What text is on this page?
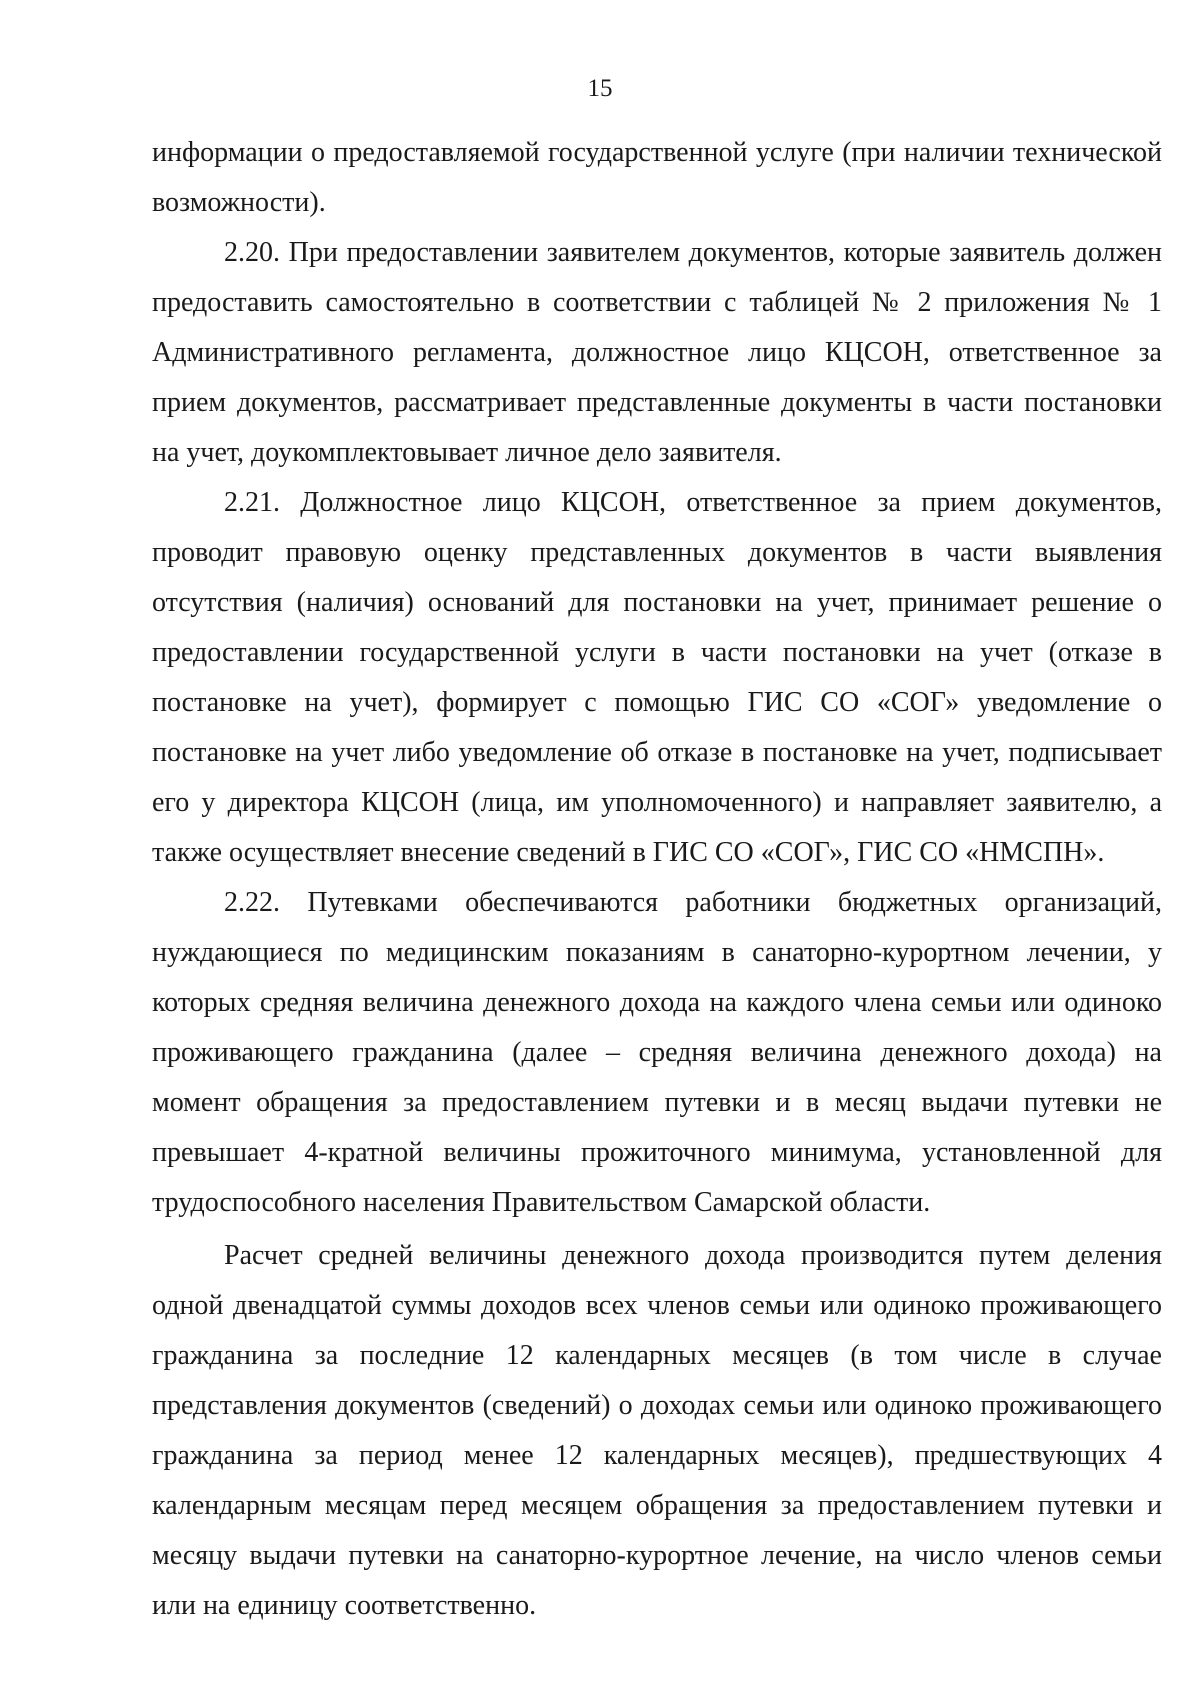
15

информации о предоставляемой государственной услуге (при наличии технической возможности).

2.20. При предоставлении заявителем документов, которые заявитель должен предоставить самостоятельно в соответствии с таблицей № 2 приложения № 1 Административного регламента, должностное лицо КЦСОН, ответственное за прием документов, рассматривает представленные документы в части постановки на учет, доукомплектовывает личное дело заявителя.

2.21. Должностное лицо КЦСОН, ответственное за прием документов, проводит правовую оценку представленных документов в части выявления отсутствия (наличия) оснований для постановки на учет, принимает решение о предоставлении государственной услуги в части постановки на учет (отказе в постановке на учет), формирует с помощью ГИС СО «СОГ» уведомление о постановке на учет либо уведомление об отказе в постановке на учет, подписывает его у директора КЦСОН (лица, им уполномоченного) и направляет заявителю, а также осуществляет внесение сведений в ГИС СО «СОГ», ГИС СО «НМСПН».

2.22. Путевками обеспечиваются работники бюджетных организаций, нуждающиеся по медицинским показаниям в санаторно-курортном лечении, у которых средняя величина денежного дохода на каждого члена семьи или одиноко проживающего гражданина (далее – средняя величина денежного дохода) на момент обращения за предоставлением путевки и в месяц выдачи путевки не превышает 4-кратной величины прожиточного минимума, установленной для трудоспособного населения Правительством Самарской области.

Расчет средней величины денежного дохода производится путем деления одной двенадцатой суммы доходов всех членов семьи или одиноко проживающего гражданина за последние 12 календарных месяцев (в том числе в случае представления документов (сведений) о доходах семьи или одиноко проживающего гражданина за период менее 12 календарных месяцев), предшествующих 4 календарным месяцам перед месяцем обращения за предоставлением путевки и месяцу выдачи путевки на санаторно-курортное лечение, на число членов семьи или на единицу соответственно.
